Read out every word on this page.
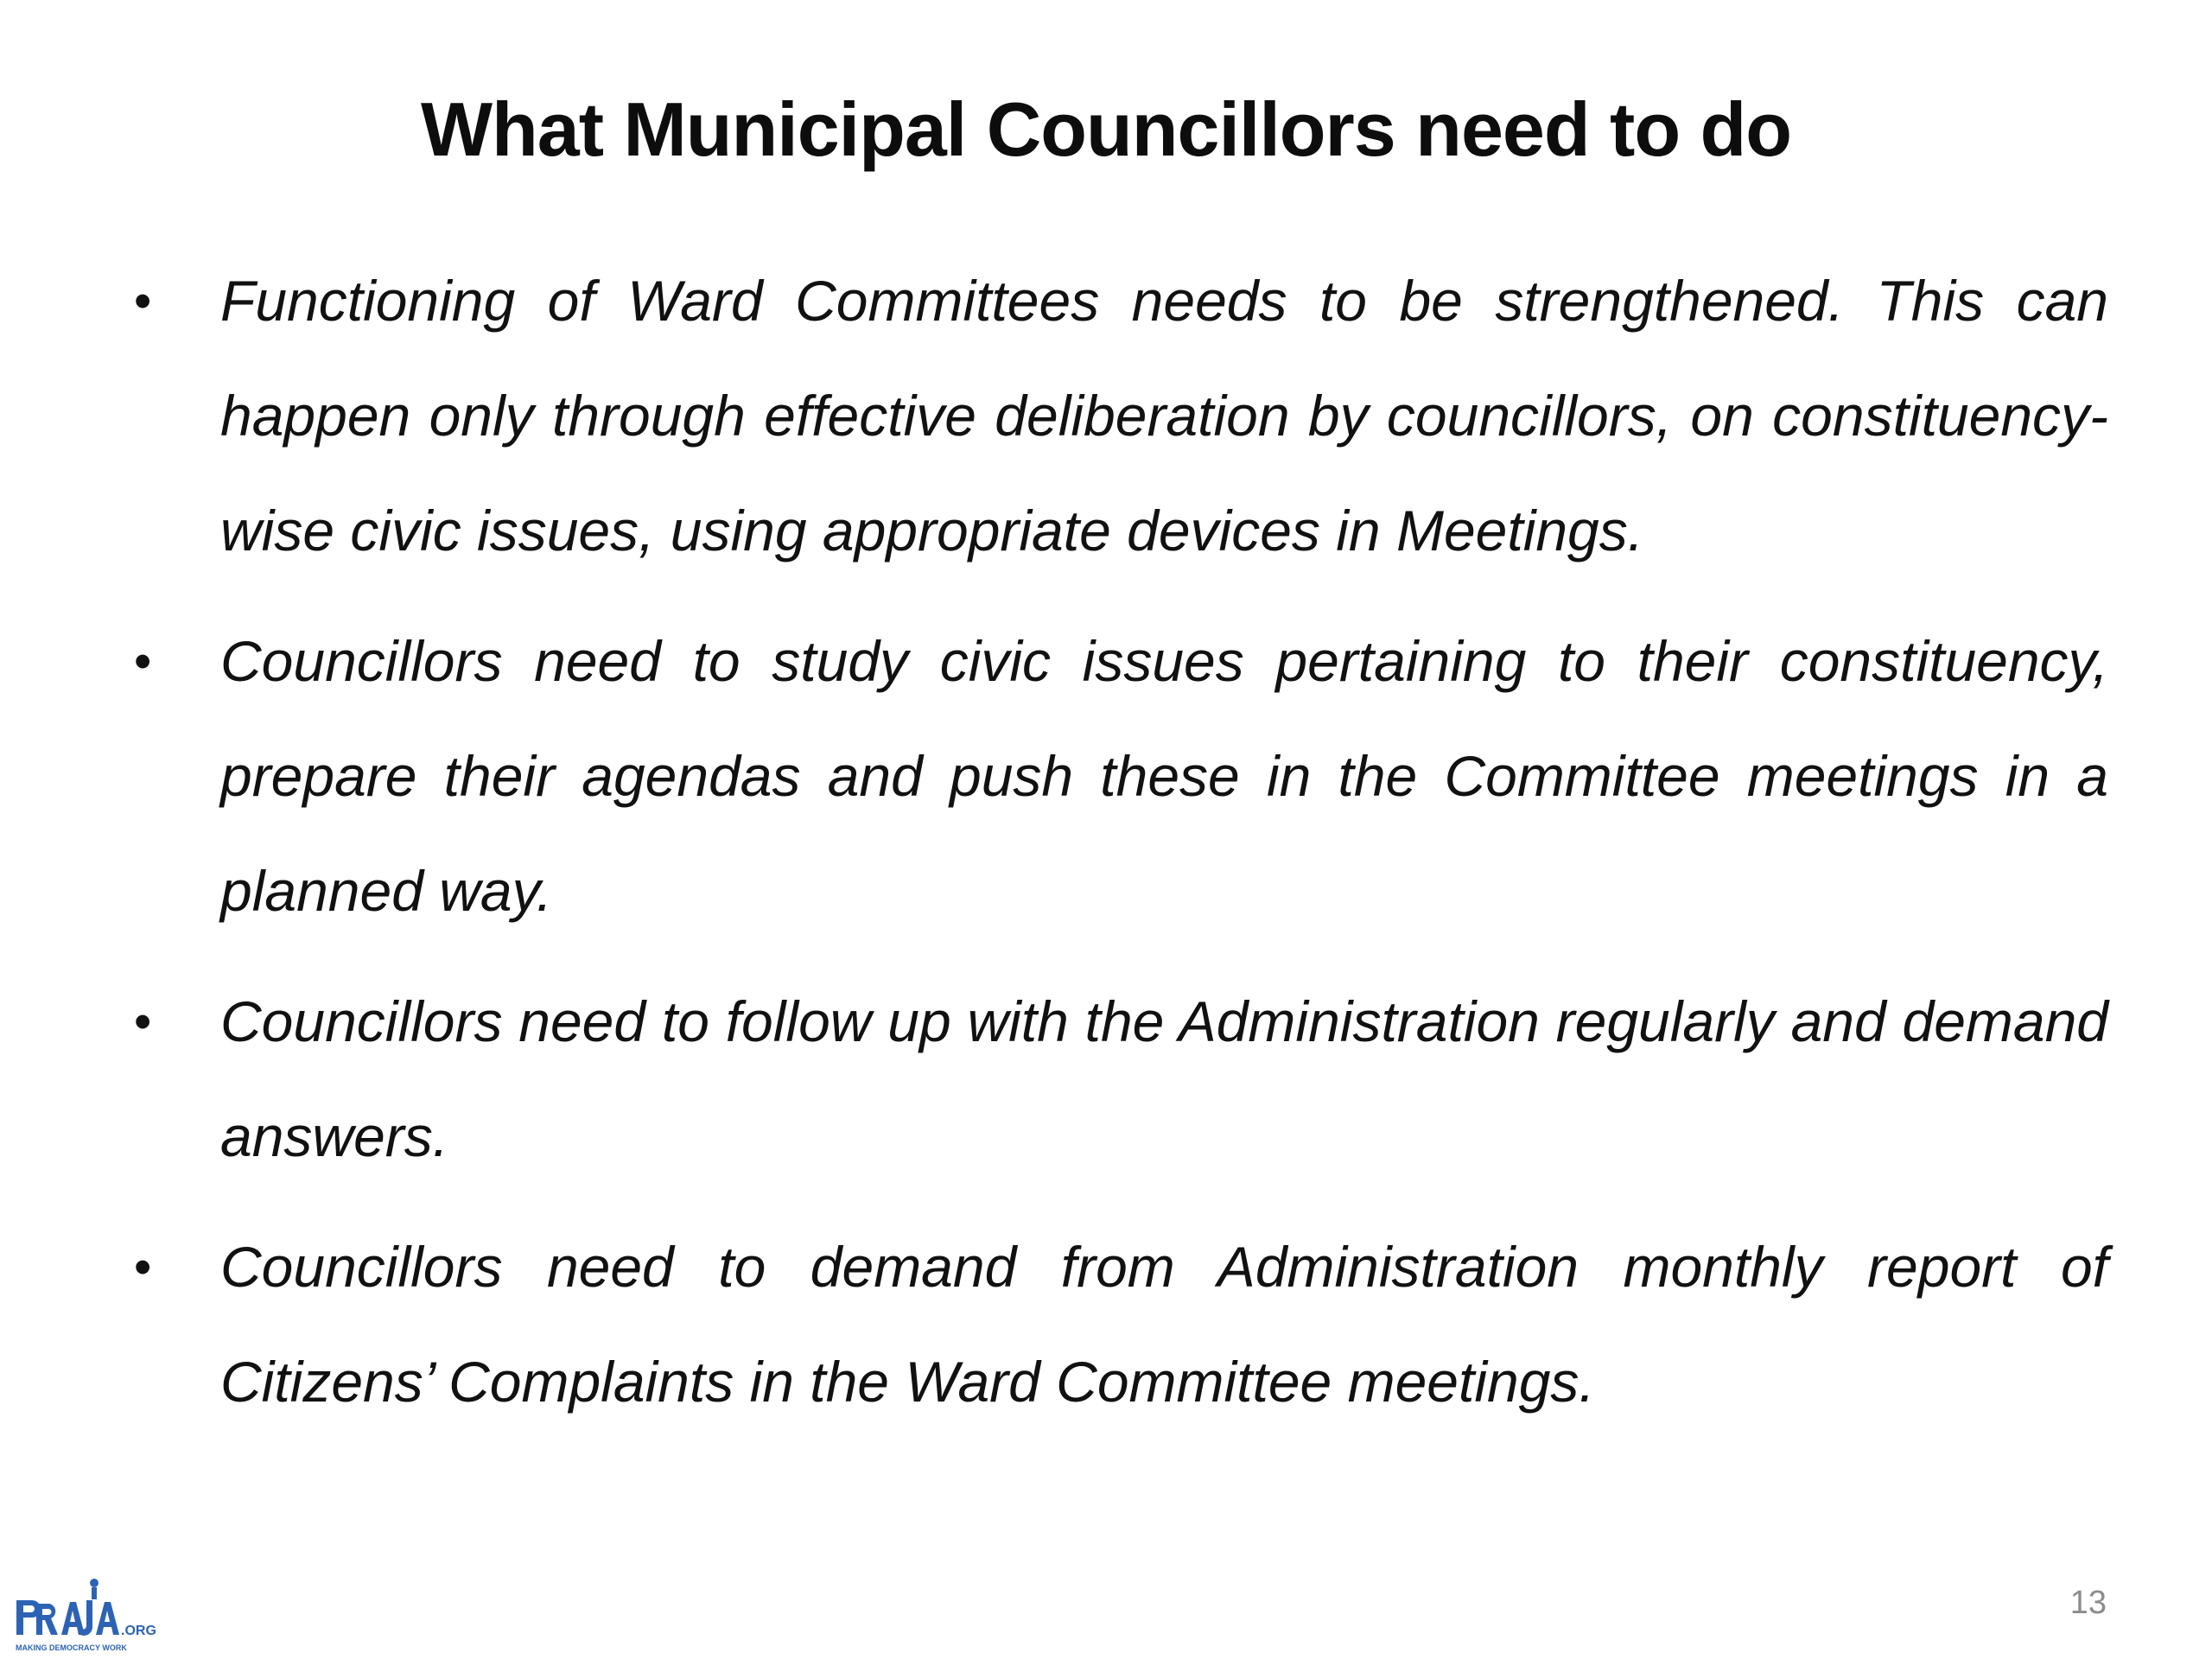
What Municipal Councillors need to do
• Functioning of Ward Committees needs to be strengthened. This can happen only through effective deliberation by councillors, on constituency-wise civic issues, using appropriate devices in Meetings.
• Councillors need to study civic issues pertaining to their constituency, prepare their agendas and push these in the Committee meetings in a planned way.
• Councillors need to follow up with the Administration regularly and demand answers.
• Councillors need to demand from Administration monthly report of Citizens’ Complaints in the Ward Committee meetings.
.ORG
MAKING DEMOCRACY WORK
13
